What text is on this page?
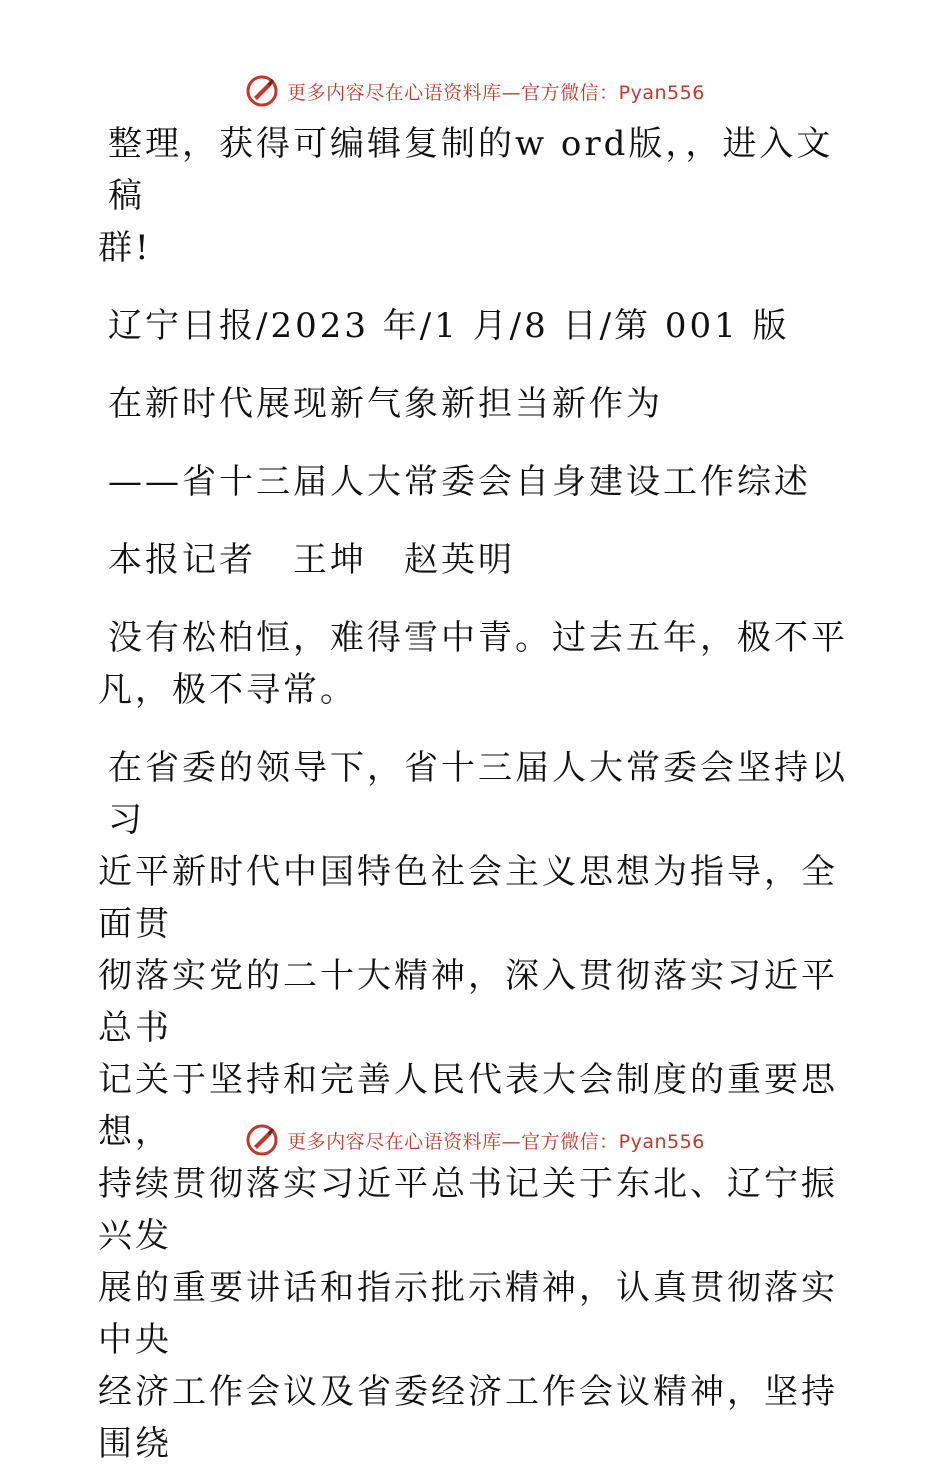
更多内容尽在心语资料库—官方微信：Pyan556

整理，获得可编辑复制的w ord版，，进入文稿

群!

辽宁日报/2023 年/1 月/8 日/第 001 版

在新时代展现新气象新担当新作为

——省十三届人大常委会自身建设工作综述

本报记者　王坤　赵英明

没有松柏恒，难得雪中青。过去五年，极不平

凡，极不寻常。

在省委的领导下，省十三届人大常委会坚持以习

近平新时代中国特色社会主义思想为指导，全面贯

彻落实党的二十大精神，深入贯彻落实习近平总书

记关于坚持和完善人民代表大会制度的重要思想，

持续贯彻落实习近平总书记关于东北、辽宁振兴发

展的重要讲话和指示批示精神，认真贯彻落实中央

经济工作会议及省委经济工作会议精神，坚持围绕

更多内容尽在心语资料库—官方微信：Pyan556
